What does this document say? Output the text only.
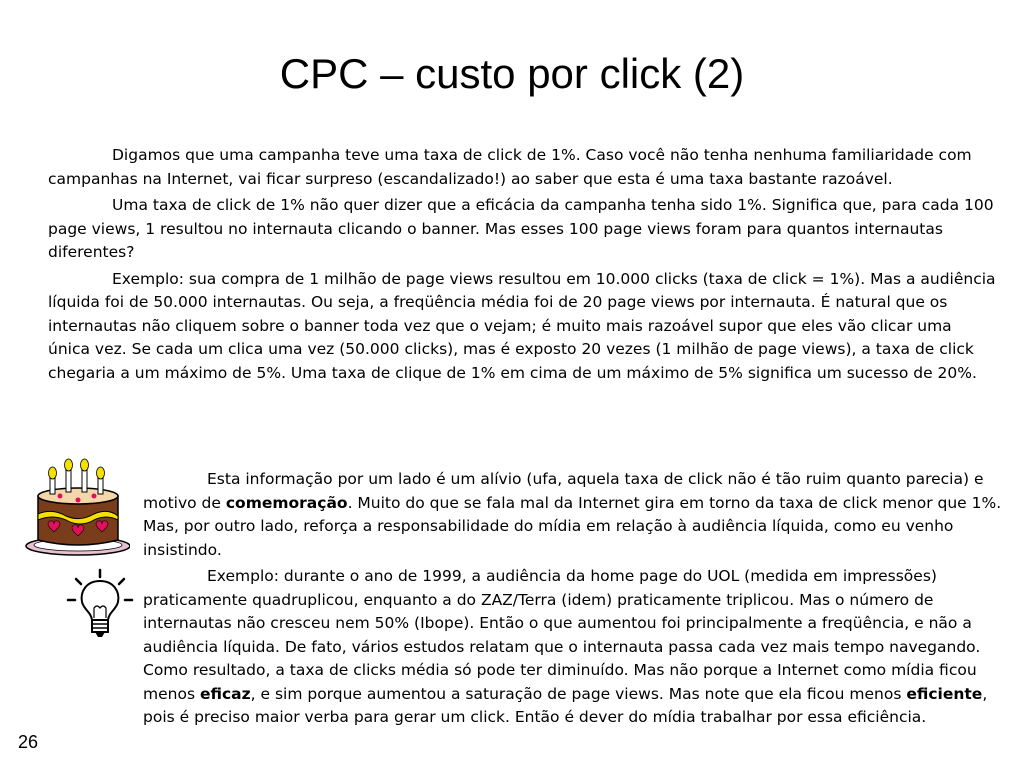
CPC – custo por click (2)

Digamos que uma campanha teve uma taxa de click de 1%. Caso você não tenha nenhuma familiaridade com campanhas na Internet, vai ficar surpreso (escandalizado!) ao saber que esta é uma taxa bastante razoável.

Uma taxa de click de 1% não quer dizer que a eficácia da campanha tenha sido 1%. Significa que, para cada 100 page views, 1 resultou no internauta clicando o banner. Mas esses 100 page views foram para quantos internautas diferentes?

Exemplo: sua compra de 1 milhão de page views resultou em 10.000 clicks (taxa de click = 1%). Mas a audiência líquida foi de 50.000 internautas. Ou seja, a freqüência média foi de 20 page views por internauta. É natural que os internautas não cliquem sobre o banner toda vez que o vejam; é muito mais razoável supor que eles vão clicar uma única vez. Se cada um clica uma vez (50.000 clicks), mas é exposto 20 vezes (1 milhão de page views), a taxa de click chegaria a um máximo de 5%. Uma taxa de clique de 1% em cima de um máximo de 5% significa um sucesso de 20%.

Esta informação por um lado é um alívio (ufa, aquela taxa de click não é tão ruim quanto parecia) e motivo de comemoração. Muito do que se fala mal da Internet gira em torno da taxa de click menor que 1%. Mas, por outro lado, reforça a responsabilidade do mídia em relação à audiência líquida, como eu venho insistindo.

Exemplo: durante o ano de 1999, a audiência da home page do UOL (medida em impressões) praticamente quadruplicou, enquanto a do ZAZ/Terra (idem) praticamente triplicou. Mas o número de internautas não cresceu nem 50% (Ibope). Então o que aumentou foi principalmente a freqüência, e não a audiência líquida. De fato, vários estudos relatam que o internauta passa cada vez mais tempo navegando. Como resultado, a taxa de clicks média só pode ter diminuído. Mas não porque a Internet como mídia ficou menos eficaz, e sim porque aumentou a saturação de page views. Mas note que ela ficou menos eficiente, pois é preciso maior verba para gerar um click. Então é dever do mídia trabalhar por essa eficiência.

26
